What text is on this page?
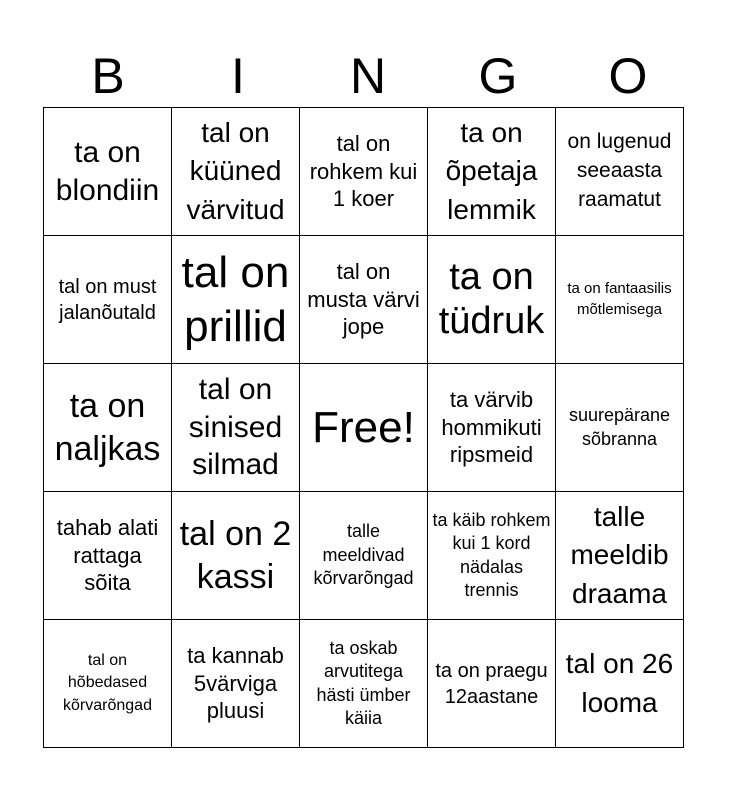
B	I	N	G	O
ta on blondiin	tal on küüned värvitud	tal on rohkem kui 1 koer	ta on õpetaja lemmik	on lugenud seeaasta raamatut

tal on must jalanõutald	tal on prillid	tal on musta värvi jope	ta on tüdruk	ta on fantaasilis mõtlemisega

ta on naljkas	tal on sinised silmad	Free!	ta värvib hommikuti ripsmeid	suurepärane sõbranna

tahab alati rattaga sõita	tal on 2 kassi	talle meeldivad kõrvarõngad	ta käib rohkem kui 1 kord nädalas trennis	talle meeldib draama

tal on hõbedased kõrvarõngad	ta kannab 5värviga pluusi	ta oskab arvutitega hästi ümber käiia	ta on praegu 12aastane	tal on 26 looma
